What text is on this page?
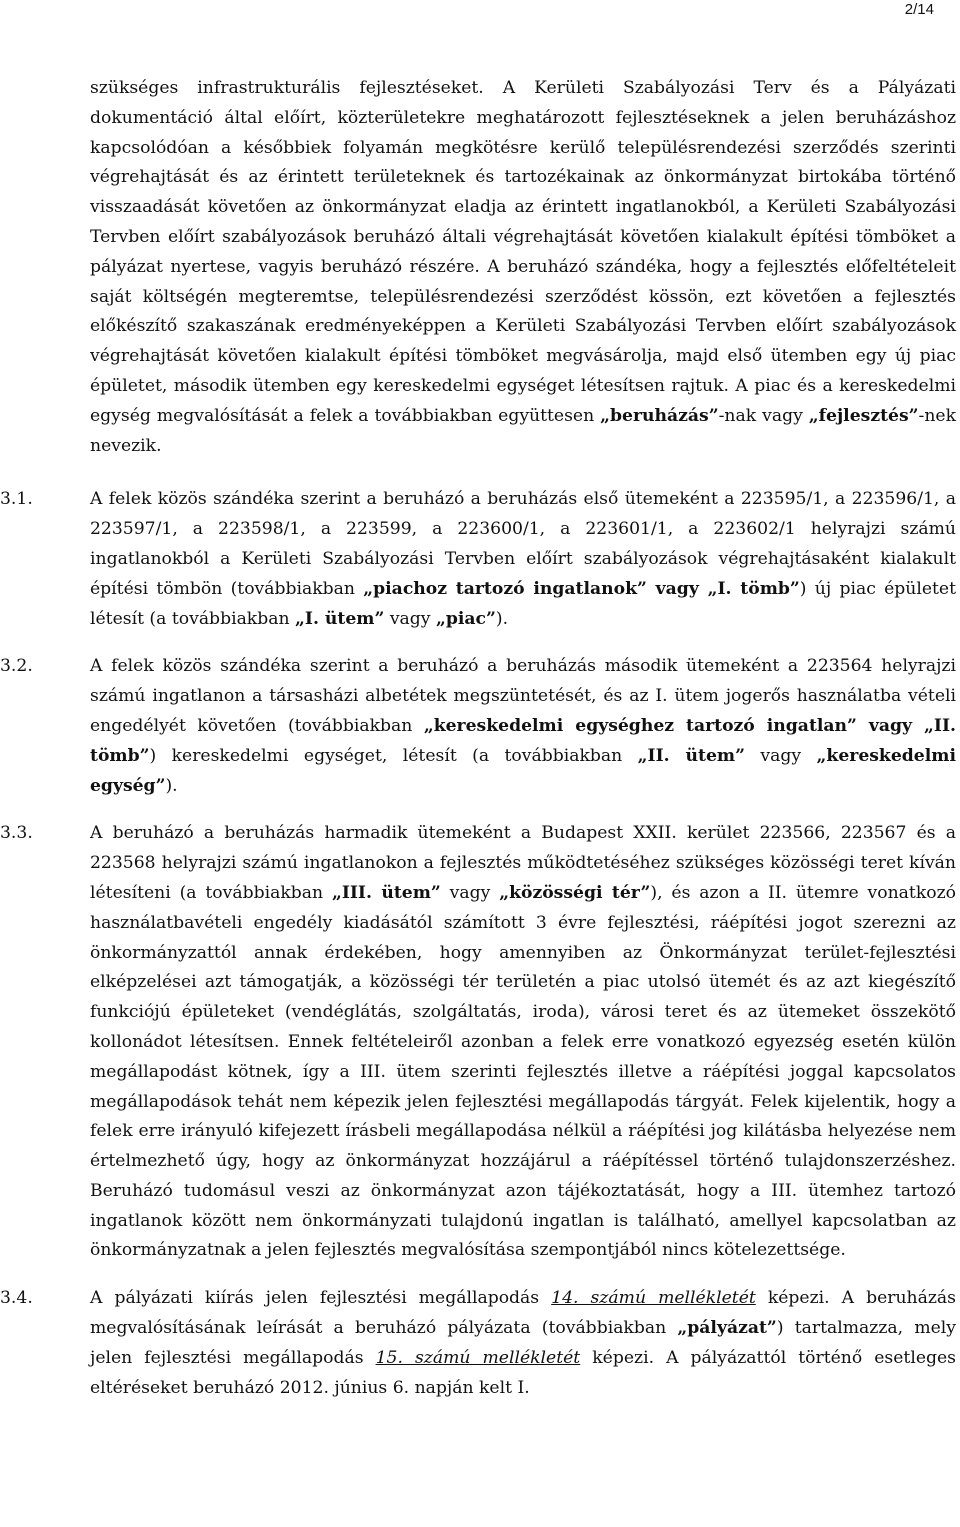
2/14

szükséges infrastrukturális fejlesztéseket. A Kerületi Szabályozási Terv és a Pályázati dokumentáció által előírt, közterületekre meghatározott fejlesztéseknek a jelen beruházáshoz kapcsolódóan a későbbiek folyamán megkötésre kerülő településrendezési szerződés szerinti végrehajtását és az érintett területeknek és tartozékainak az önkormányzat birtokába történő visszaadását követően az önkormányzat eladja az érintett ingatlanokból, a Kerületi Szabályozási Tervben előírt szabályozások beruházó általi végrehajtását követően kialakult építési tömböket a pályázat nyertese, vagyis beruházó részére. A beruházó szándéka, hogy a fejlesztés előfeltételeit saját költségén megteremtse, településrendezési szerződést kössön, ezt követően a fejlesztés előkészítő szakaszának eredményeképpen a Kerületi Szabályozási Tervben előírt szabályozások végrehajtását követően kialakult építési tömböket megvásárolja, majd első ütemben egy új piac épületet, második ütemben egy kereskedelmi egységet létesítsen rajtuk. A piac és a kereskedelmi egység megvalósítását a felek a továbbiakban együttesen „beruházás”-nak vagy „fejlesztés”-nek nevezik.

3.1.	A felek közös szándéka szerint a beruházó a beruházás első ütemeként a 223595/1, a 223596/1, a 223597/1, a 223598/1, a 223599, a 223600/1, a 223601/1, a 223602/1 helyrajzi számú ingatlanokból a Kerületi Szabályozási Tervben előírt szabályozások végrehajtásaként kialakult építési tömbön (továbbiakban „piachoz tartozó ingatlanok” vagy „I. tömb”) új piac épületet létesít (a továbbiakban „I. ütem” vagy „piac”).
3.2.	A felek közös szándéka szerint a beruházó a beruházás második ütemeként a 223564 helyrajzi számú ingatlanon a társasházi albetétek megszüntetését, és az I. ütem jogerős használatba vételi engedélyét követően (továbbiakban „kereskedelmi egységhez tartozó ingatlan” vagy „II. tömb”) kereskedelmi egységet, létesít (a továbbiakban „II. ütem” vagy „kereskedelmi egység”).
3.3.	A beruházó a beruházás harmadik ütemeként a Budapest XXII. kerület 223566, 223567 és a 223568 helyrajzi számú ingatlanokon a fejlesztés működtetéséhez szükséges közösségi teret kíván létesíteni (a továbbiakban „III. ütem” vagy „közösségi tér”), és azon a II. ütemre vonatkozó használatbavételi engedély kiadásától számított 3 évre fejlesztési, ráépítési jogot szerezni az önkormányzattól annak érdekében, hogy amennyiben az Önkormányzat terület-fejlesztési elképzelései azt támogatják, a közösségi tér területén a piac utolsó ütemét és az azt kiegészítő funkciójú épületeket (vendéglátás, szolgáltatás, iroda), városi teret és az ütemeket összekötő kollonádot létesítsen. Ennek feltételeiről azonban a felek erre vonatkozó egyezség esetén külön megállapodást kötnek, így a III. ütem szerinti fejlesztés illetve a ráépítési joggal kapcsolatos megállapodások tehát nem képezik jelen fejlesztési megállapodás tárgyát. Felek kijelentik, hogy a felek erre irányuló kifejezett írásbeli megállapodása nélkül a ráépítési jog kilátásba helyezése nem értelmezhető úgy, hogy az önkormányzat hozzájárul a ráépítéssel történő tulajdonszerzéshez. Beruházó tudomásul veszi az önkormányzat azon tájékoztatását, hogy a III. ütemhez tartozó ingatlanok között nem önkormányzati tulajdonú ingatlan is található, amellyel kapcsolatban az önkormányzatnak a jelen fejlesztés megvalósítása szempontjából nincs kötelezettsége.
3.4.	A pályázati kiírás jelen fejlesztési megállapodás 14. számú mellékletét képezi. A beruházás megvalósításának leírását a beruházó pályázata (továbbiakban „pályázat”) tartalmazza, mely jelen fejlesztési megállapodás 15. számú mellékletét képezi. A pályázattól történő esetleges eltéréseket beruházó 2012. június 6. napján kelt I.
